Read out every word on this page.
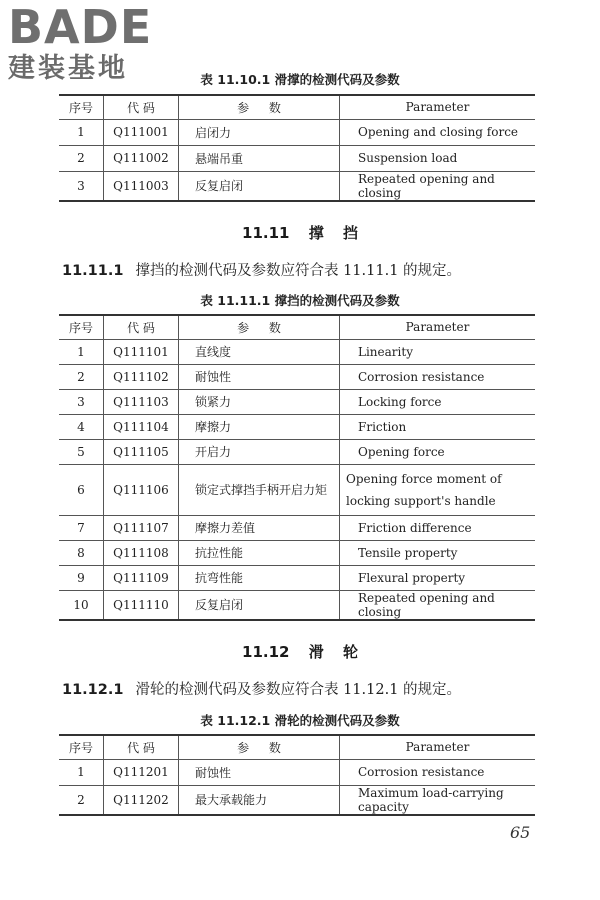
BADE
建装基地	表 11.10.1 滑撑的检测代码及参数
序号	代 码	参 数	Parameter
1	Q111001	启闭力	Opening and closing force
2	Q111002	悬端吊重	Suspension load
3	Q111003	反复启闭	Repeated opening and closing
11.11 撑 挡
11.11.1 撑挡的检测代码及参数应符合表 11.11.1 的规定。
表 11.11.1 撑挡的检测代码及参数
序号	代 码	参 数	Parameter
1	Q111101	直线度	Linearity
2	Q111102	耐蚀性	Corrosion resistance
3	Q111103	锁紧力	Locking force
4	Q111104	摩擦力	Friction
5	Q111105	开启力	Opening force
6	Q111106	锁定式撑挡手柄开启力矩	Opening force moment of locking support's handle
7	Q111107	摩擦力差值	Friction difference
8	Q111108	抗拉性能	Tensile property
9	Q111109	抗弯性能	Flexural property
10	Q111110	反复启闭	Repeated opening and closing
11.12 滑 轮
11.12.1 滑轮的检测代码及参数应符合表 11.12.1 的规定。
表 11.12.1 滑轮的检测代码及参数
序号	代 码	参 数	Parameter
1	Q111201	耐蚀性	Corrosion resistance
2	Q111202	最大承载能力	Maximum load-carrying capacity
65
